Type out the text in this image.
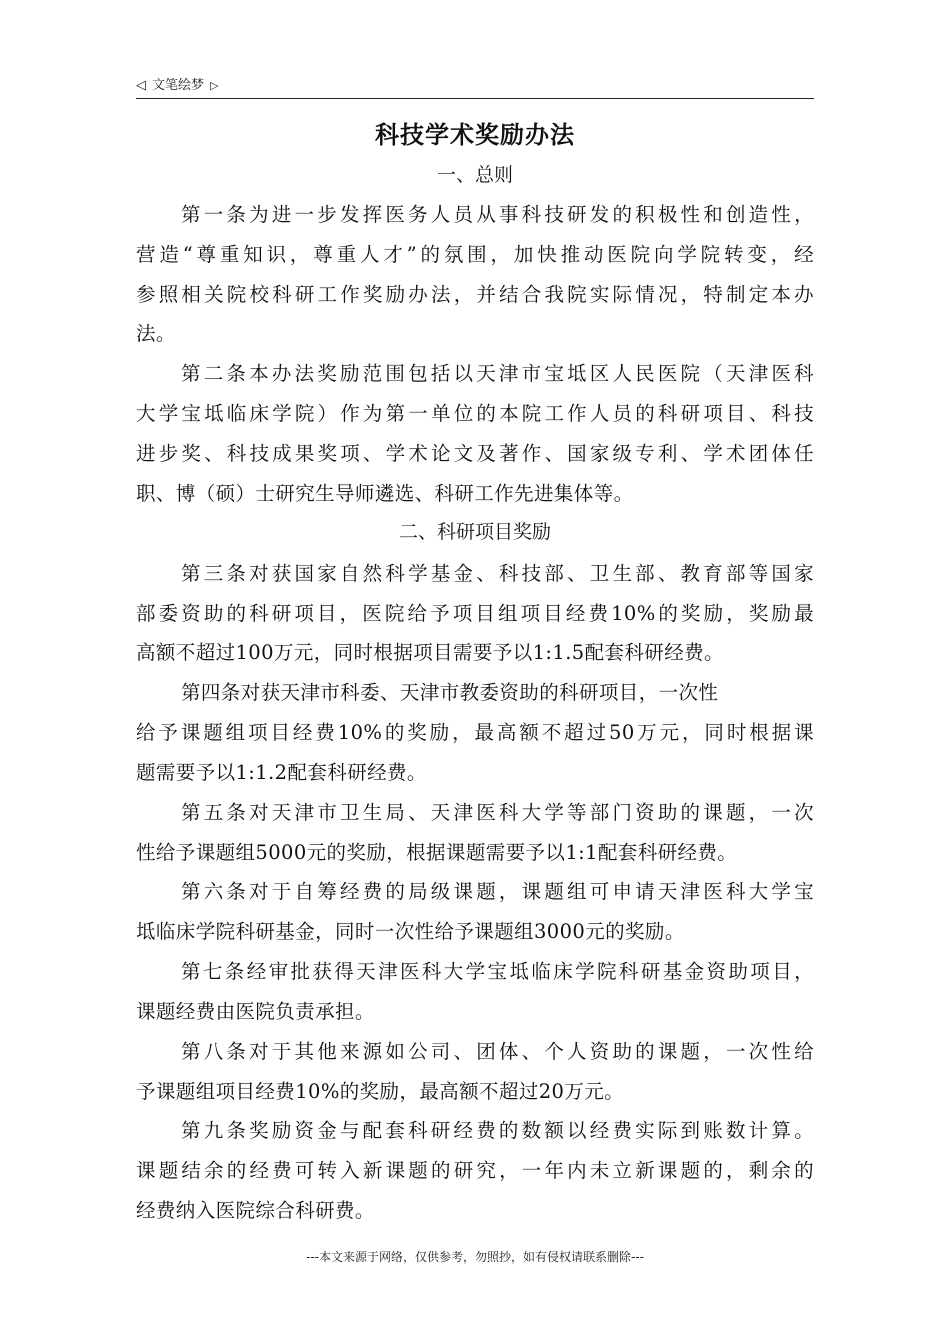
◁ 文笔绘梦 ▷
科技学术奖励办法
一、总则
第一条为进一步发挥医务人员从事科技研发的积极性和创造性，
营造“尊重知识，尊重人才”的氛围，加快推动医院向学院转变，经
参照相关院校科研工作奖励办法，并结合我院实际情况，特制定本办
法。
第二条本办法奖励范围包括以天津市宝坻区人民医院（天津医科
大学宝坻临床学院）作为第一单位的本院工作人员的科研项目、科技
进步奖、科技成果奖项、学术论文及著作、国家级专利、学术团体任
职、博（硕）士研究生导师遴选、科研工作先进集体等。
二、科研项目奖励
第三条对获国家自然科学基金、科技部、卫生部、教育部等国家
部委资助的科研项目，医院给予项目组项目经费10%的奖励，奖励最
高额不超过100万元，同时根据项目需要予以1:1.5配套科研经费。
第四条对获天津市科委、天津市教委资助的科研项目，一次性
给予课题组项目经费10%的奖励，最高额不超过50万元，同时根据课
题需要予以1:1.2配套科研经费。
第五条对天津市卫生局、天津医科大学等部门资助的课题，一次
性给予课题组5000元的奖励，根据课题需要予以1:1配套科研经费。
第六条对于自筹经费的局级课题，课题组可申请天津医科大学宝
坻临床学院科研基金，同时一次性给予课题组3000元的奖励。
第七条经审批获得天津医科大学宝坻临床学院科研基金资助项目，
课题经费由医院负责承担。
第八条对于其他来源如公司、团体、个人资助的课题，一次性给
予课题组项目经费10%的奖励，最高额不超过20万元。
第九条奖励资金与配套科研经费的数额以经费实际到账数计算。
课题结余的经费可转入新课题的研究，一年内未立新课题的，剩余的
经费纳入医院综合科研费。
---本文来源于网络，仅供参考，勿照抄，如有侵权请联系删除---
